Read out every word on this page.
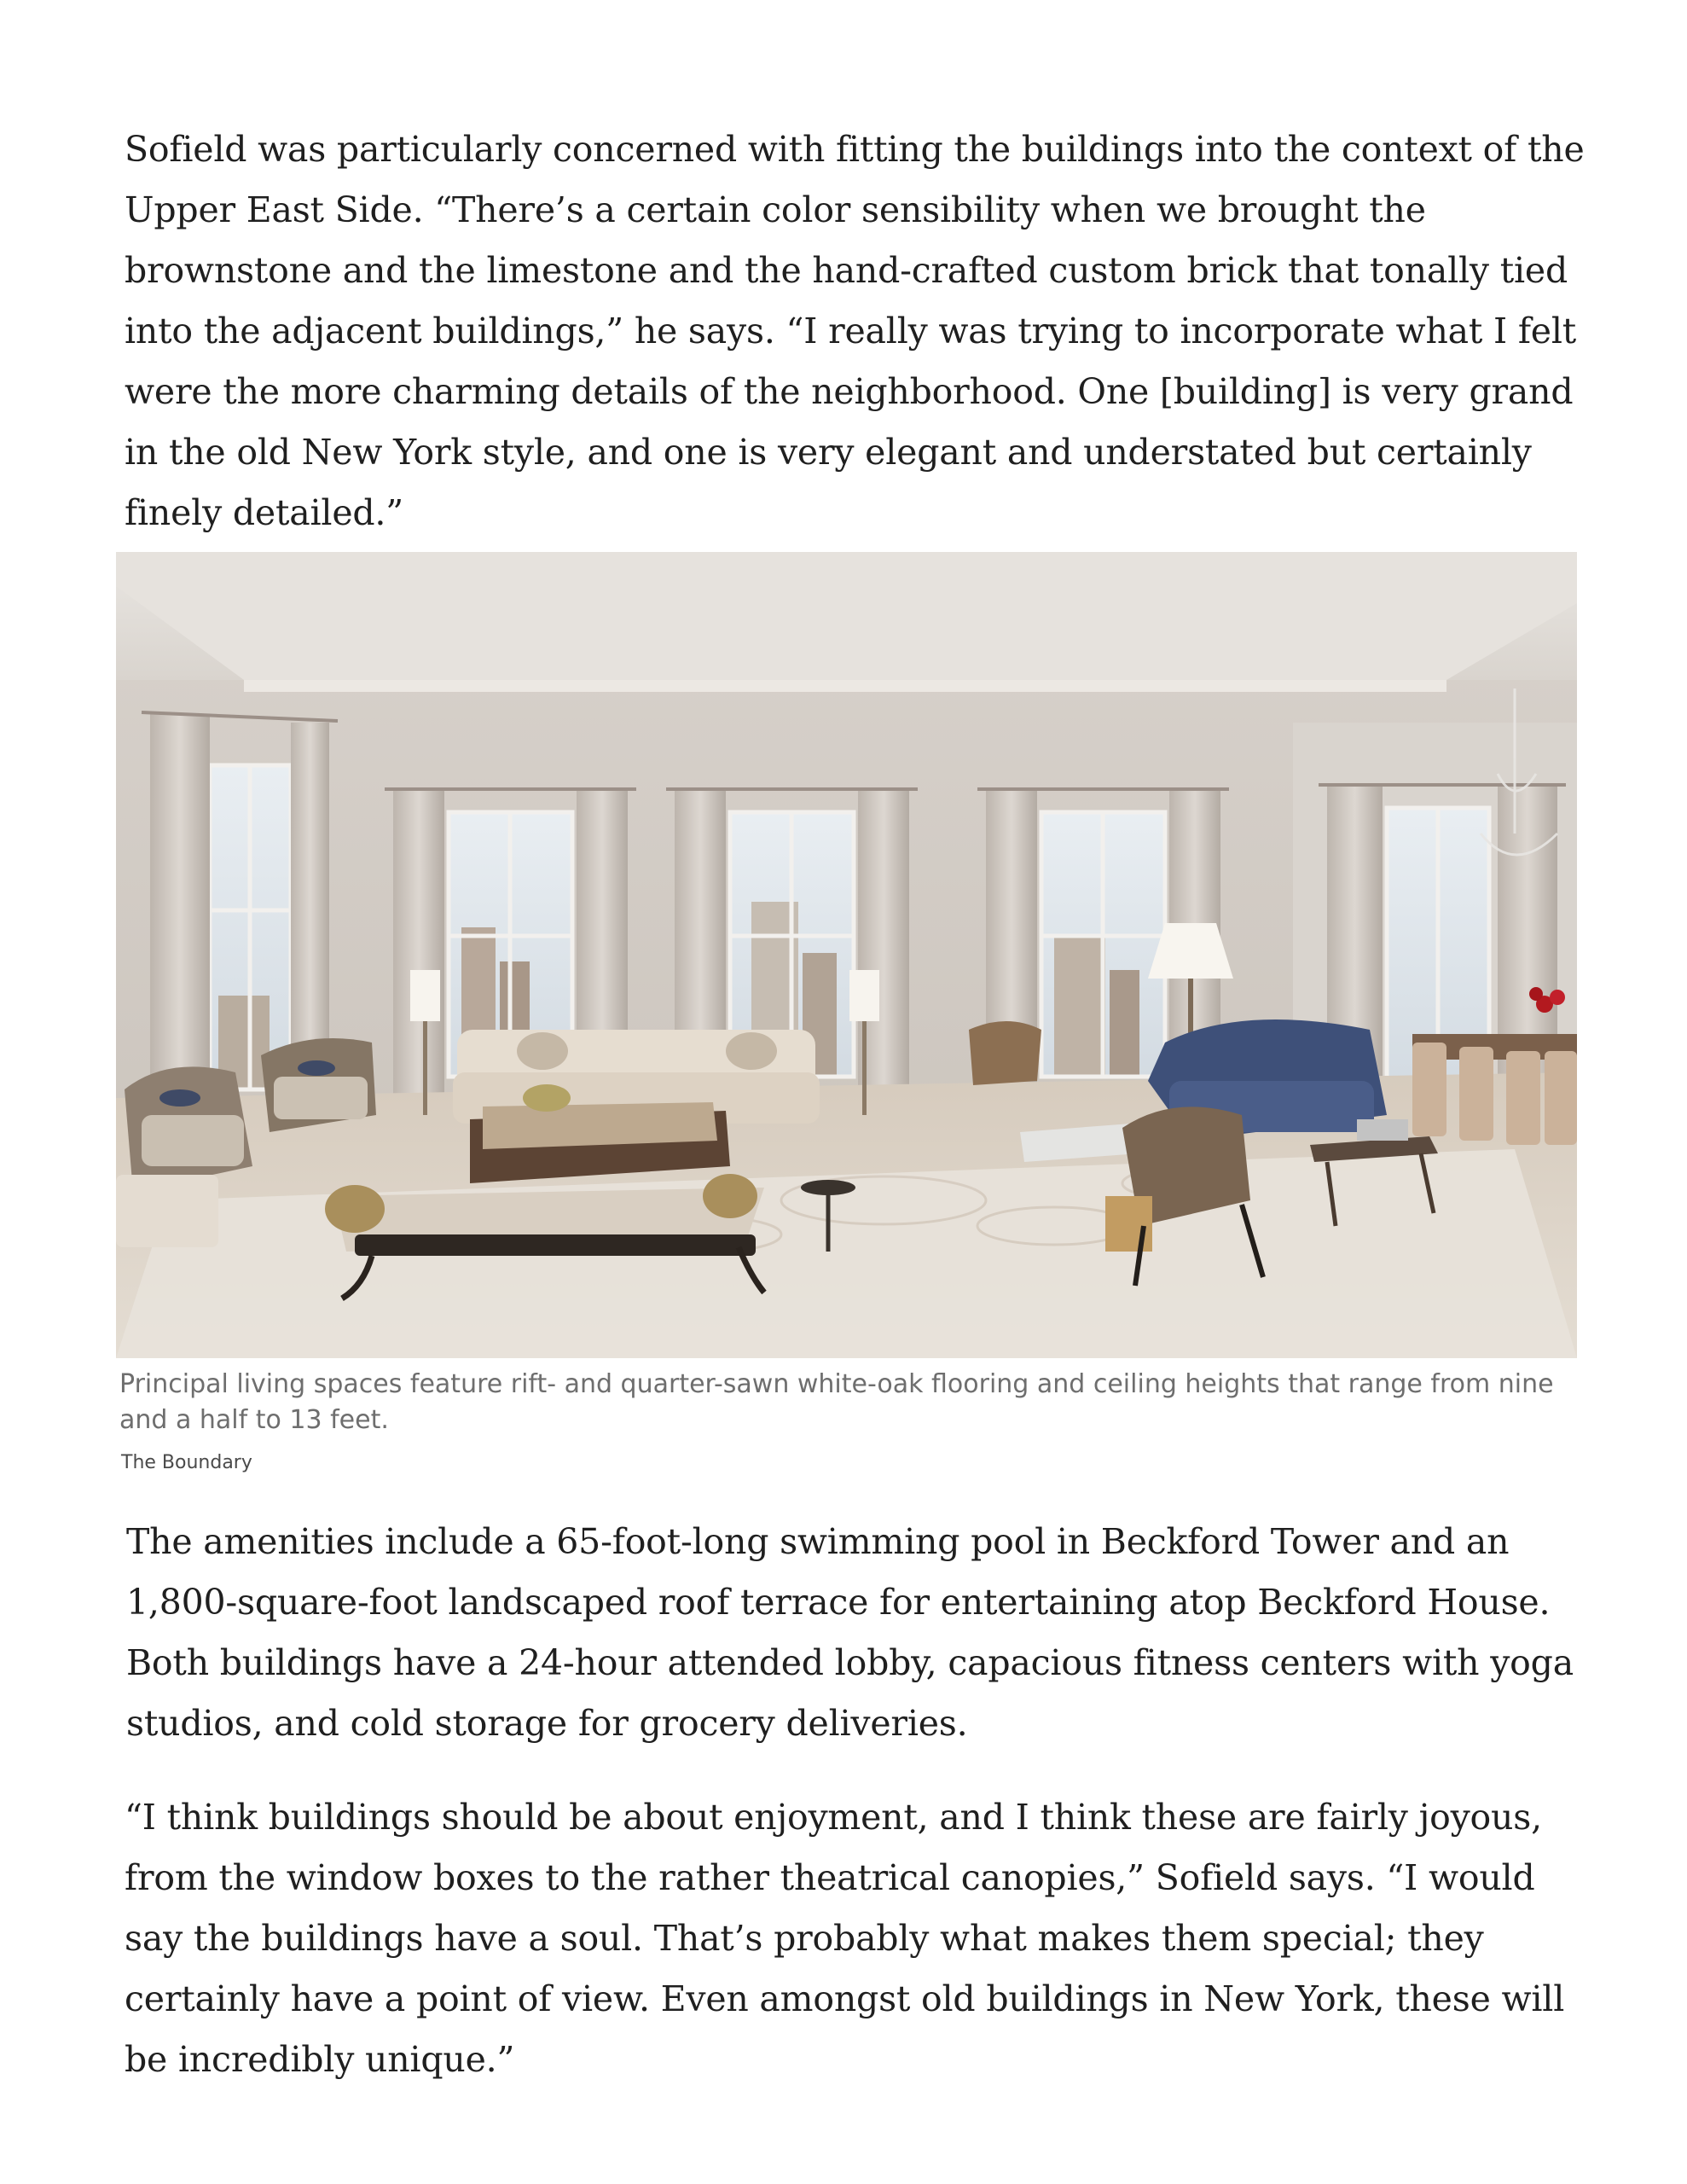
Sofield was particularly concerned with fitting the buildings into the context of the Upper East Side. “There’s a certain color sensibility when we brought the brownstone and the limestone and the hand-crafted custom brick that tonally tied into the adjacent buildings,” he says. “I really was trying to incorporate what I felt were the more charming details of the neighborhood. One [building] is very grand in the old New York style, and one is very elegant and understated but certainly finely detailed.”

Principal living spaces feature rift- and quarter-sawn white-oak flooring and ceiling heights that range from nine and a half to 13 feet.

The Boundary

The amenities include a 65-foot-long swimming pool in Beckford Tower and an 1,800-square-foot landscaped roof terrace for entertaining atop Beckford House. Both buildings have a 24-hour attended lobby, capacious fitness centers with yoga studios, and cold storage for grocery deliveries.

“I think buildings should be about enjoyment, and I think these are fairly joyous, from the window boxes to the rather theatrical canopies,” Sofield says. “I would say the buildings have a soul. That’s probably what makes them special; they certainly have a point of view. Even amongst old buildings in New York, these will be incredibly unique.”
